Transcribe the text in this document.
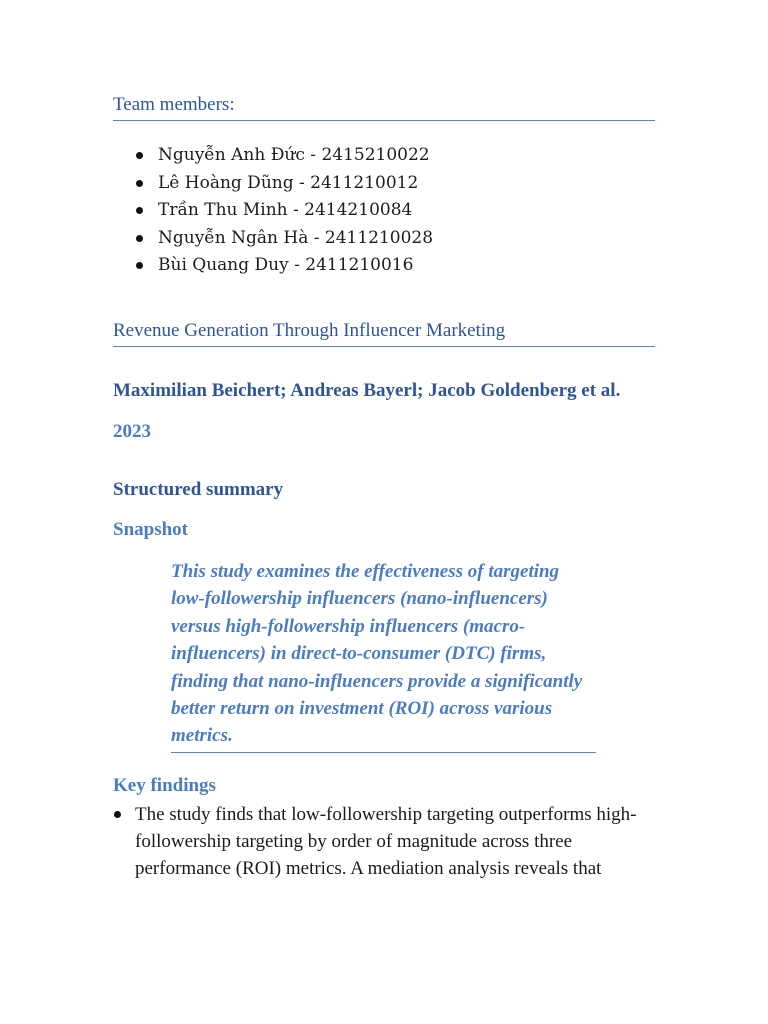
Team members:
Nguyễn Anh Đức - 2415210022
Lê Hoàng Dũng - 2411210012
Trần Thu Minh - 2414210084
Nguyễn Ngân Hà - 2411210028
Bùi Quang Duy - 2411210016
Revenue Generation Through Influencer Marketing
Maximilian Beichert; Andreas Bayerl; Jacob Goldenberg et al.
2023
Structured summary
Snapshot
This study examines the effectiveness of targeting low-followership influencers (nano-influencers) versus high-followership influencers (macro-influencers) in direct-to-consumer (DTC) firms, finding that nano-influencers provide a significantly better return on investment (ROI) across various metrics.
Key findings
The study finds that low-followership targeting outperforms high-followership targeting by order of magnitude across three performance (ROI) metrics. A mediation analysis reveals that
